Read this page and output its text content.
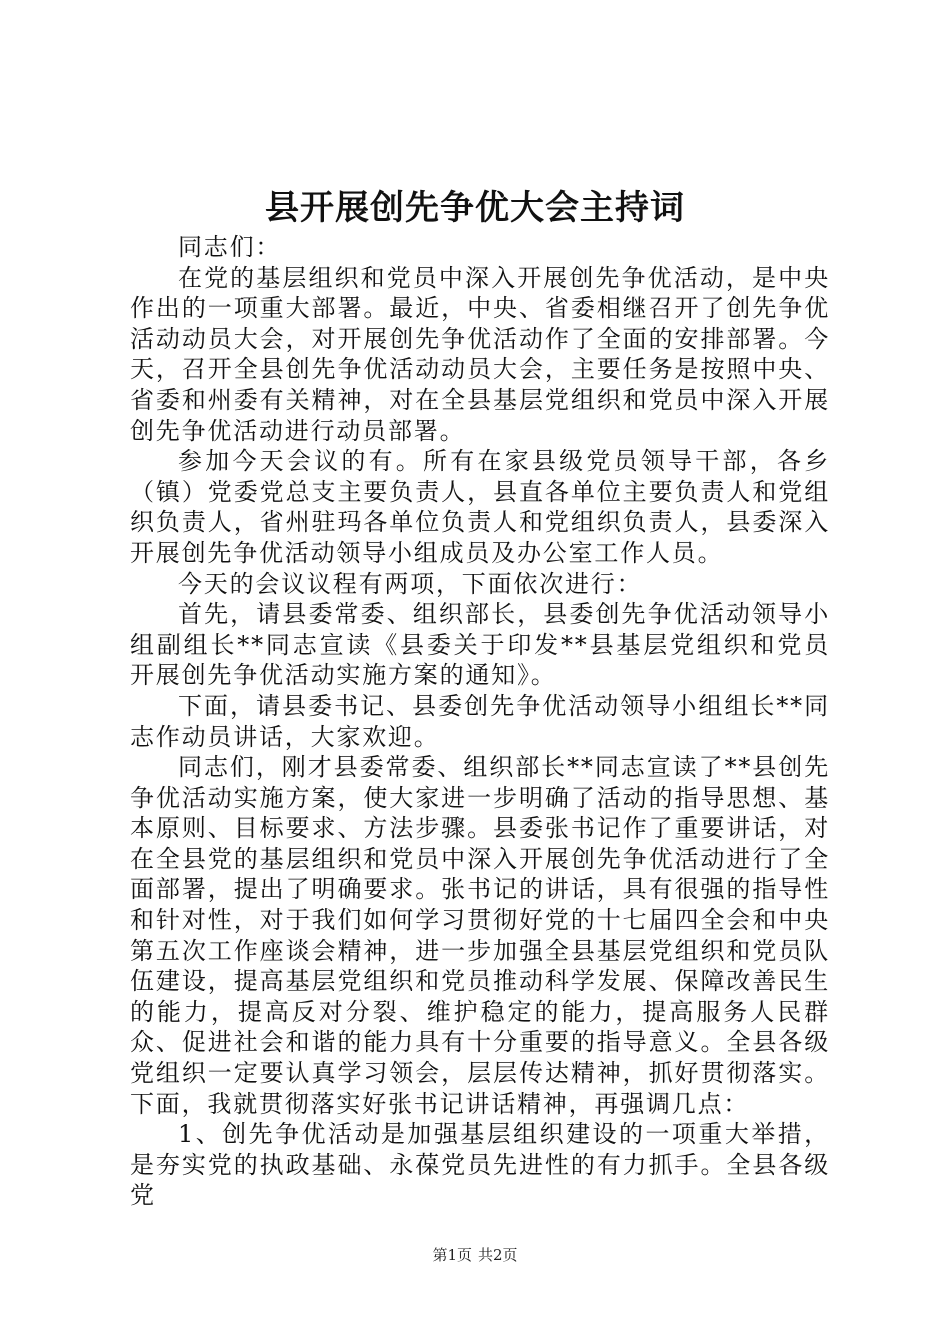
县开展创先争优大会主持词

同志们：

在党的基层组织和党员中深入开展创先争优活动，是中央作出的一项重大部署。最近，中央、省委相继召开了创先争优活动动员大会，对开展创先争优活动作了全面的安排部署。今天，召开全县创先争优活动动员大会，主要任务是按照中央、省委和州委有关精神，对在全县基层党组织和党员中深入开展创先争优活动进行动员部署。

参加今天会议的有。所有在家县级党员领导干部，各乡（镇）党委党总支主要负责人，县直各单位主要负责人和党组织负责人，省州驻玛各单位负责人和党组织负责人，县委深入开展创先争优活动领导小组成员及办公室工作人员。

今天的会议议程有两项，下面依次进行：

首先，请县委常委、组织部长，县委创先争优活动领导小组副组长**同志宣读《县委关于印发**县基层党组织和党员开展创先争优活动实施方案的通知》。

下面，请县委书记、县委创先争优活动领导小组组长**同志作动员讲话，大家欢迎。

同志们，刚才县委常委、组织部长**同志宣读了**县创先争优活动实施方案，使大家进一步明确了活动的指导思想、基本原则、目标要求、方法步骤。县委张书记作了重要讲话，对在全县党的基层组织和党员中深入开展创先争优活动进行了全面部署，提出了明确要求。张书记的讲话，具有很强的指导性和针对性，对于我们如何学习贯彻好党的十七届四全会和中央第五次工作座谈会精神，进一步加强全县基层党组织和党员队伍建设，提高基层党组织和党员推动科学发展、保障改善民生的能力，提高反对分裂、维护稳定的能力，提高服务人民群众、促进社会和谐的能力具有十分重要的指导意义。全县各级党组织一定要认真学习领会，层层传达精神，抓好贯彻落实。下面，我就贯彻落实好张书记讲话精神，再强调几点：

1、创先争优活动是加强基层组织建设的一项重大举措，是夯实党的执政基础、永葆党员先进性的有力抓手。全县各级党

第1页 共2页
